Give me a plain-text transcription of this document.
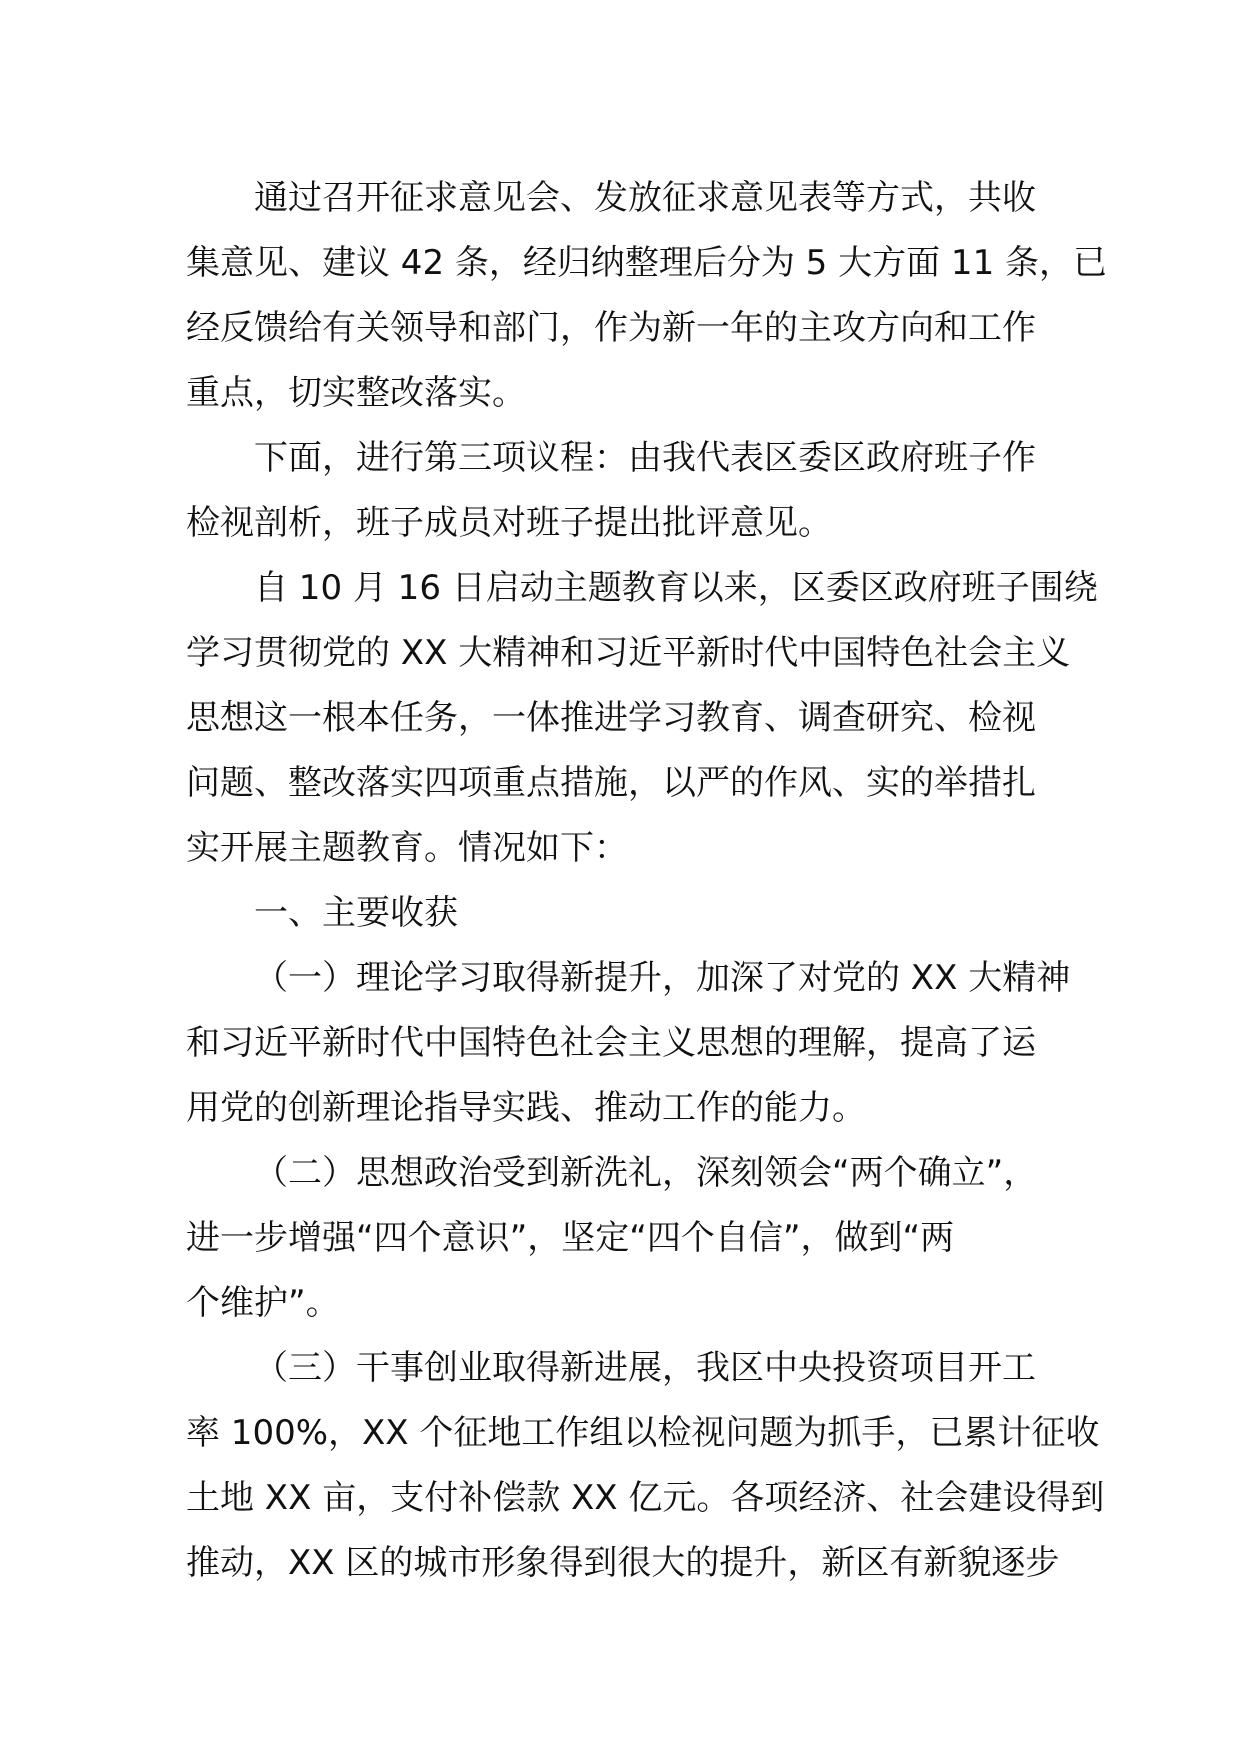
通过召开征求意见会、发放征求意见表等方式，共收
集意见、建议 42 条，经归纳整理后分为 5 大方面 11 条，已
经反馈给有关领导和部门，作为新一年的主攻方向和工作
重点，切实整改落实。
下面，进行第三项议程：由我代表区委区政府班子作
检视剖析，班子成员对班子提出批评意见。
自 10 月 16 日启动主题教育以来，区委区政府班子围绕
学习贯彻党的 XX 大精神和习近平新时代中国特色社会主义
思想这一根本任务，一体推进学习教育、调查研究、检视
问题、整改落实四项重点措施，以严的作风、实的举措扎
实开展主题教育。情况如下：
一、主要收获
（一）理论学习取得新提升，加深了对党的 XX 大精神
和习近平新时代中国特色社会主义思想的理解，提高了运
用党的创新理论指导实践、推动工作的能力。
（二）思想政治受到新洗礼，深刻领会“两个确立”，
进一步增强“四个意识”，坚定“四个自信”，做到“两
个维护”。
（三）干事创业取得新进展，我区中央投资项目开工
率 100%，XX 个征地工作组以检视问题为抓手，已累计征收
土地 XX 亩，支付补偿款 XX 亿元。各项经济、社会建设得到
推动，XX 区的城市形象得到很大的提升，新区有新貌逐步
